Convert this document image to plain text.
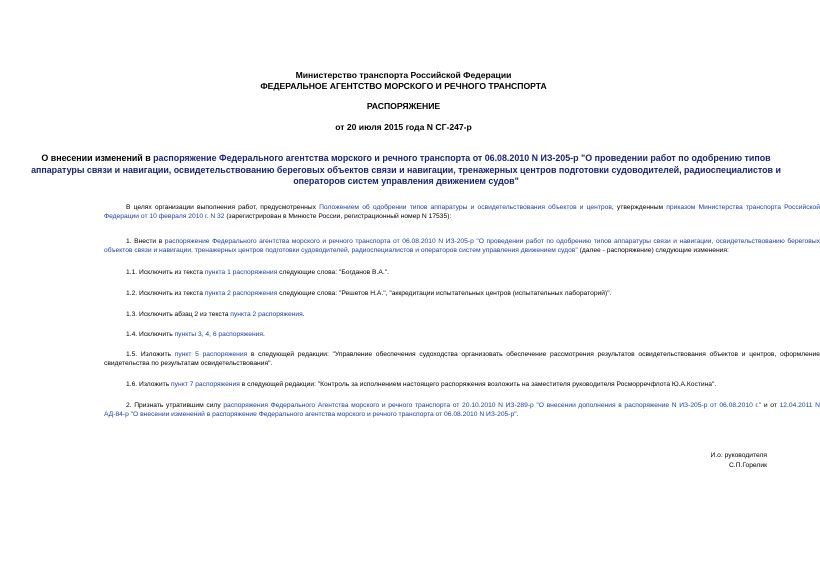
Министерство транспорта Российской Федерации
ФЕДЕРАЛЬНОЕ АГЕНТСТВО МОРСКОГО И РЕЧНОГО ТРАНСПОРТА
РАСПОРЯЖЕНИЕ
от 20 июля 2015 года N СГ-247-р
О внесении изменений в распоряжение Федерального агентства морского и речного транспорта от 06.08.2010 N ИЗ-205-р "О проведении работ по одобрению типов аппаратуры связи и навигации, освидетельствованию береговых объектов связи и навигации, тренажерных центров подготовки судоводителей, радиоспециалистов и операторов систем управления движением судов"
В целях организации выполнения работ, предусмотренных Положением об одобрении типов аппаратуры и освидетельствования объектов и центров, утвержденным приказом Министерства транспорта Российской Федерации от 10 февраля 2010 г. N 32 (зарегистрирован в Минюсте России, регистрационный номер N 17535):
1. Внести в распоряжение Федерального агентства морского и речного транспорта от 06.08.2010 N ИЗ-205-р "О проведении работ по одобрению типов аппаратуры связи и навигации, освидетельствованию береговых объектов связи и навигации, тренажерных центров подготовки судоводителей, радиоспециалистов и операторов систем управления движением судов" (далее - распоряжение) следующие изменения:
1.1. Исключить из текста пункта 1 распоряжения следующие слова: "Богданов В.А.".
1.2. Исключить из текста пункта 2 распоряжения следующие слова: "Решетов Н.А.", "аккредитации испытательных центров (испытательных лабораторий)".
1.3. Исключить абзац 2 из текста пункта 2 распоряжения.
1.4. Исключить пункты 3, 4, 6 распоряжения.
1.5. Изложить пункт 5 распоряжения в следующей редакции: "Управление обеспечения судоходства организовать обеспечение рассмотрения результатов освидетельствования объектов и центров, оформление свидетельства по результатам освидетельствования".
1.6. Изложить пункт 7 распоряжения в следующей редакции: "Контроль за исполнением настоящего распоряжения возложить на заместителя руководителя Росморречфлота Ю.А.Костина".
2. Признать утратившим силу распоряжения Федерального Агентства морского и речного транспорта от 20.10.2010 N ИЗ-289-р "О внесении дополнения в распоряжение N ИЗ-205-р от 06.08.2010 г." и от 12.04.2011 N АД-84-р "О внесении изменений в распоряжение Федерального агентства морского и речного транспорта от 06.08.2010 N ИЗ-205-р".
И.о. руководителя
С.П.Горелик
